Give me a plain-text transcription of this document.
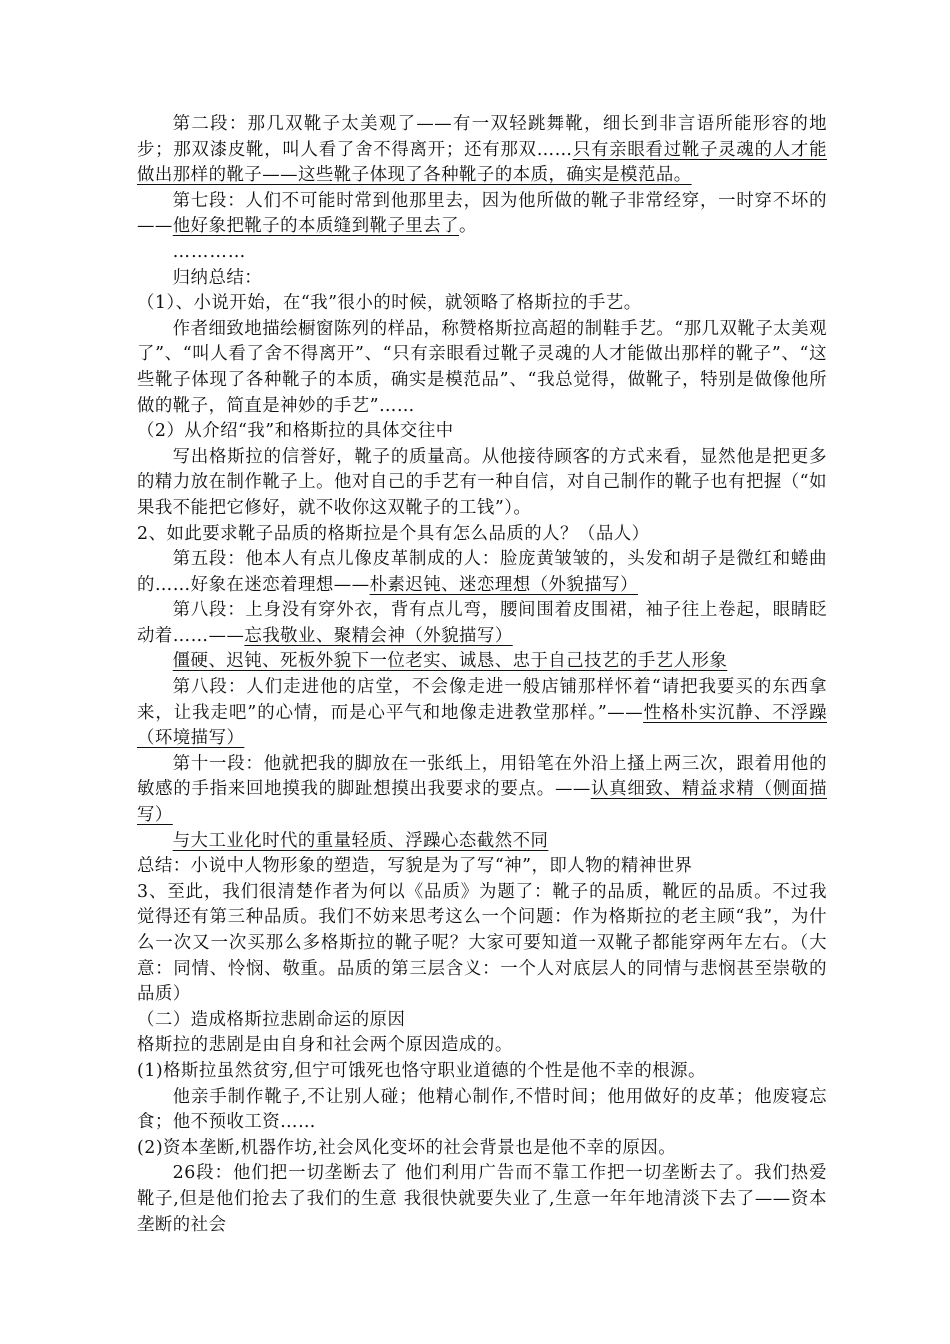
第二段：那几双靴子太美观了——有一双轻跳舞靴，细长到非言语所能形容的地步；那双漆皮靴，叫人看了舍不得离开；还有那双……只有亲眼看过靴子灵魂的人才能做出那样的靴子——这些靴子体现了各种靴子的本质，确实是模范品。

第七段：人们不可能时常到他那里去，因为他所做的靴子非常经穿，一时穿不坏的——他好象把靴子的本质缝到靴子里去了。

…………

归纳总结：

（1）、小说开始，在“我”很小的时候，就领略了格斯拉的手艺。

作者细致地描绘橱窗陈列的样品，称赞格斯拉高超的制鞋手艺。“那几双靴子太美观了”、“叫人看了舍不得离开”、“只有亲眼看过靴子灵魂的人才能做出那样的靴子”、“这些靴子体现了各种靴子的本质，确实是模范品”、“我总觉得，做靴子，特别是做像他所做的靴子，简直是神妙的手艺”……

（2）从介绍“我”和格斯拉的具体交往中

写出格斯拉的信誉好，靴子的质量高。从他接待顾客的方式来看，显然他是把更多的精力放在制作靴子上。他对自己的手艺有一种自信，对自己制作的靴子也有把握（“如果我不能把它修好，就不收你这双靴子的工钱”）。

2、如此要求靴子品质的格斯拉是个具有怎么品质的人？（品人）

第五段：他本人有点儿像皮革制成的人：脸庞黄皱皱的，头发和胡子是微红和蜷曲的……好象在迷恋着理想——朴素迟钝、迷恋理想（外貌描写）

第八段：上身没有穿外衣，背有点儿弯，腰间围着皮围裙，袖子往上卷起，眼睛眨动着……——忘我敬业、聚精会神（外貌描写）

僵硬、迟钝、死板外貌下一位老实、诚恳、忠于自己技艺的手艺人形象

第八段：人们走进他的店堂，不会像走进一般店铺那样怀着“请把我要买的东西拿来，让我走吧”的心情，而是心平气和地像走进教堂那样。”——性格朴实沉静、不浮躁（环境描写）

第十一段：他就把我的脚放在一张纸上，用铅笔在外沿上搔上两三次，跟着用他的敏感的手指来回地摸我的脚趾想摸出我要求的要点。——认真细致、精益求精（侧面描写）

与大工业化时代的重量轻质、浮躁心态截然不同

总结：小说中人物形象的塑造，写貌是为了写“神”，即人物的精神世界

3、至此，我们很清楚作者为何以《品质》为题了：靴子的品质，靴匠的品质。不过我觉得还有第三种品质。我们不妨来思考这么一个问题：作为格斯拉的老主顾“我”，为什么一次又一次买那么多格斯拉的靴子呢？大家可要知道一双靴子都能穿两年左右。（大意：同情、怜悯、敬重。品质的第三层含义：一个人对底层人的同情与悲悯甚至崇敬的品质）

（二）造成格斯拉悲剧命运的原因

格斯拉的悲剧是由自身和社会两个原因造成的。

(1)格斯拉虽然贫穷,但宁可饿死也恪守职业道德的个性是他不幸的根源。

他亲手制作靴子,不让别人碰；他精心制作,不惜时间；他用做好的皮革；他废寝忘食；他不预收工资……

(2)资本垄断,机器作坊,社会风化变坏的社会背景也是他不幸的原因。

26段：他们把一切垄断去了 他们利用广告而不靠工作把一切垄断去了。我们热爱靴子,但是他们抢去了我们的生意 我很快就要失业了,生意一年年地清淡下去了——资本垄断的社会
